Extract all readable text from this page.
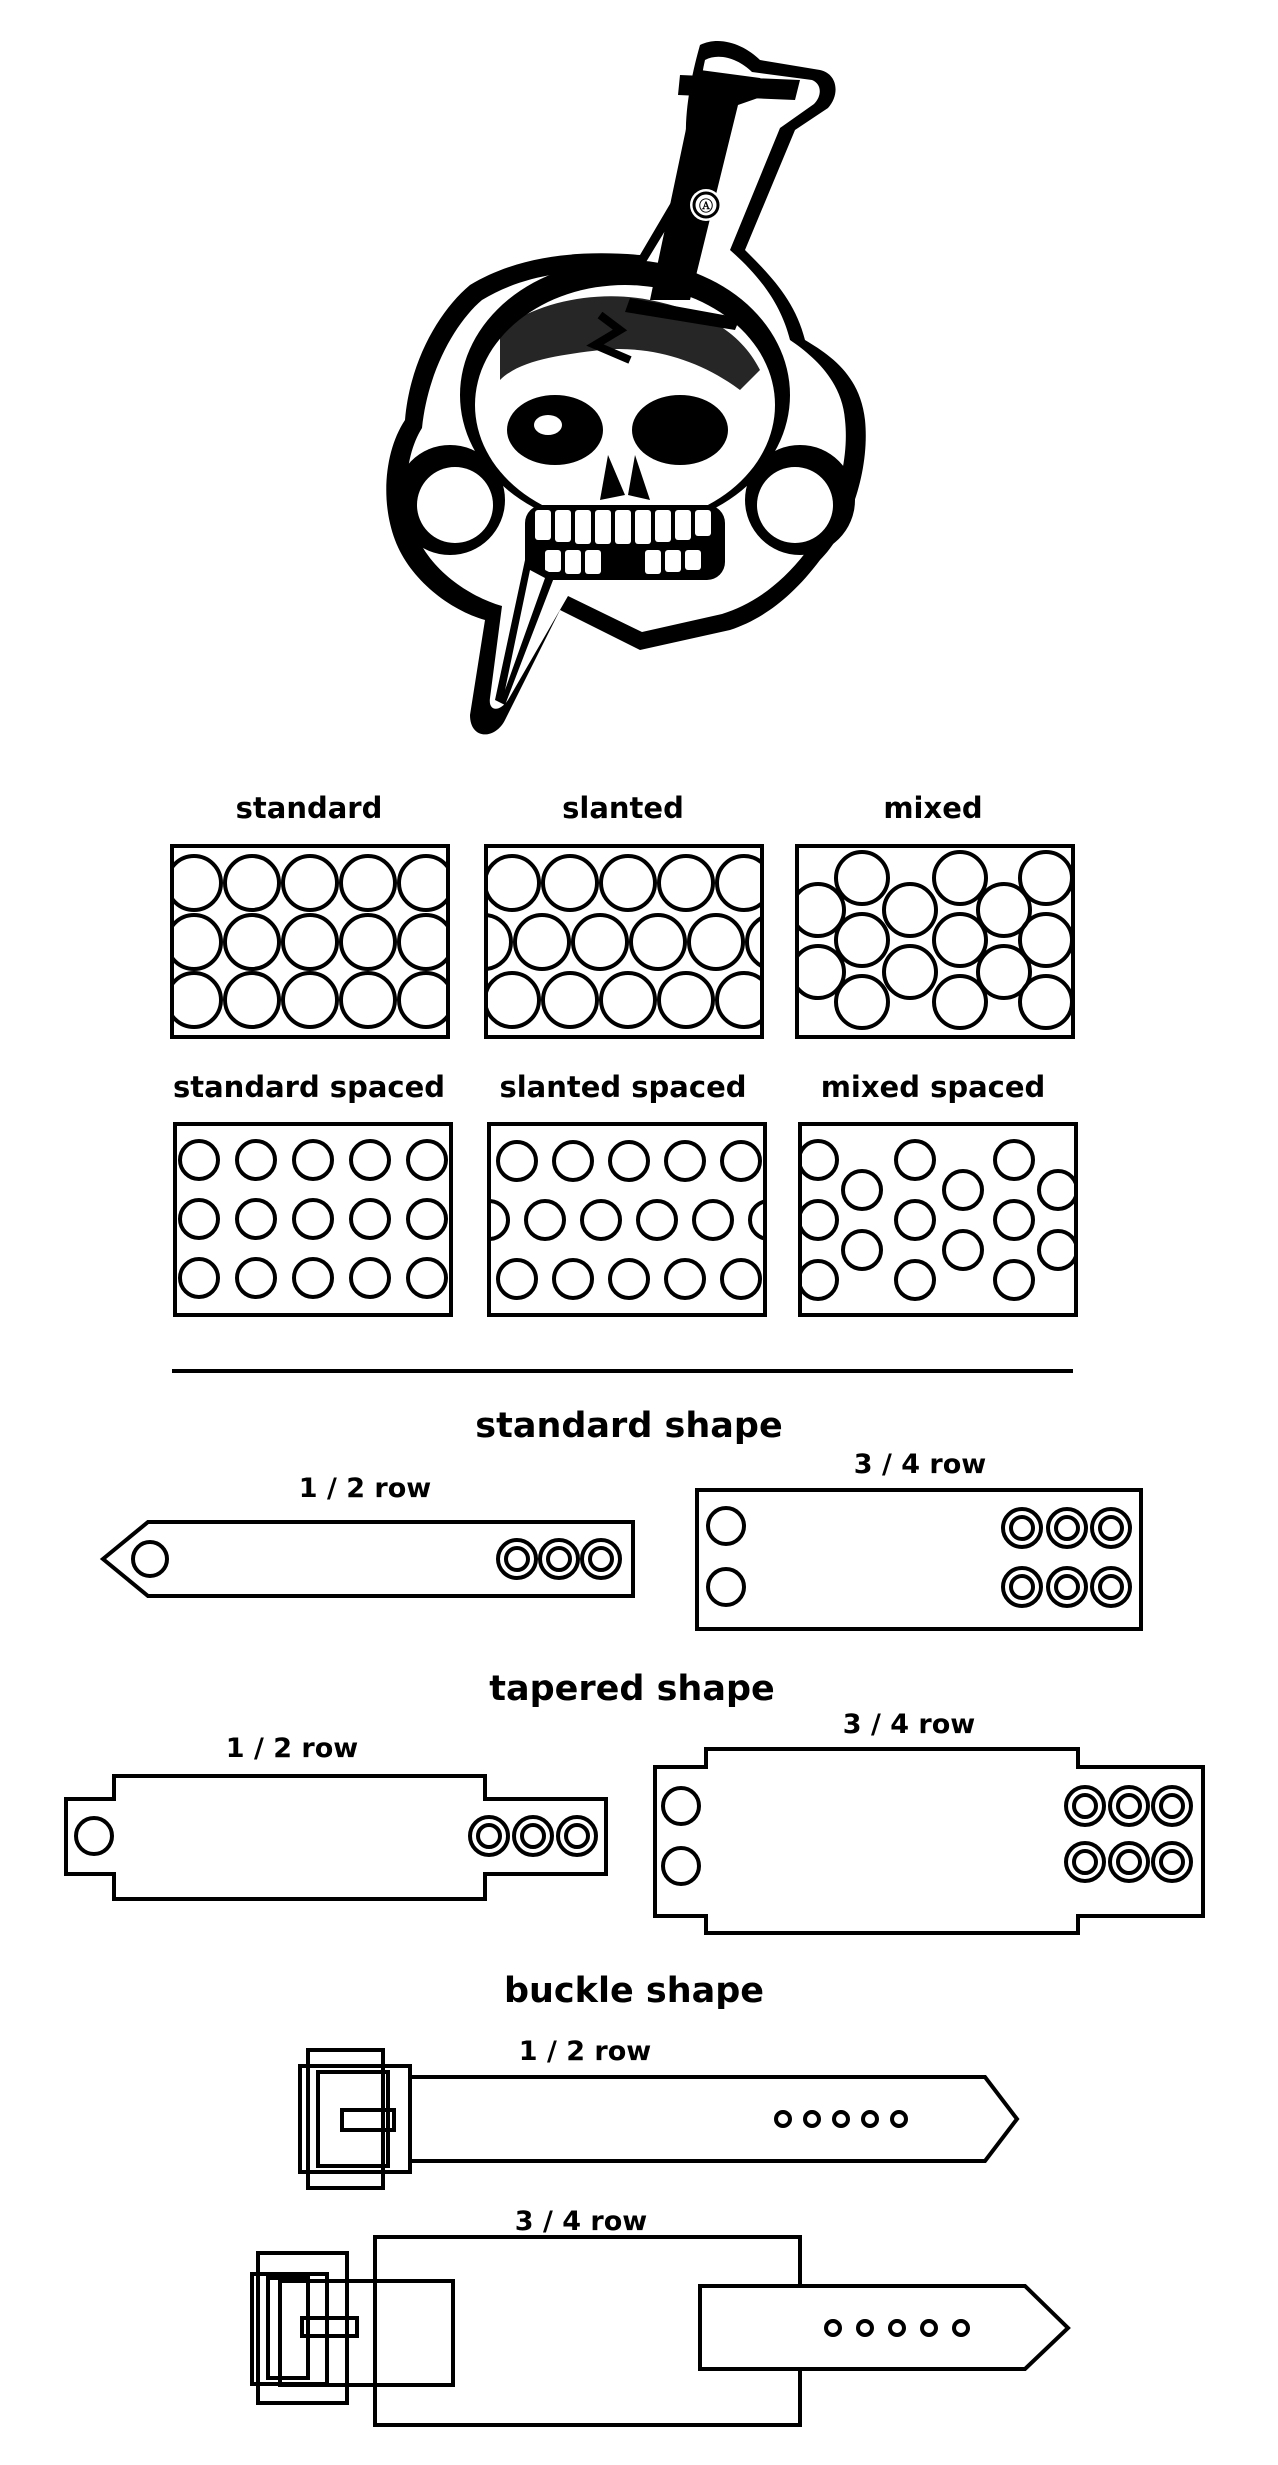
Ⓐ
standard	slanted	mixed
standard spaced slanted spaced	mixed spaced
standard shape
1 / 2 row
3 / 4 row
tapered shape
1 / 2 row
3 / 4 row
buckle shape
1 / 2 row
3 / 4 row
